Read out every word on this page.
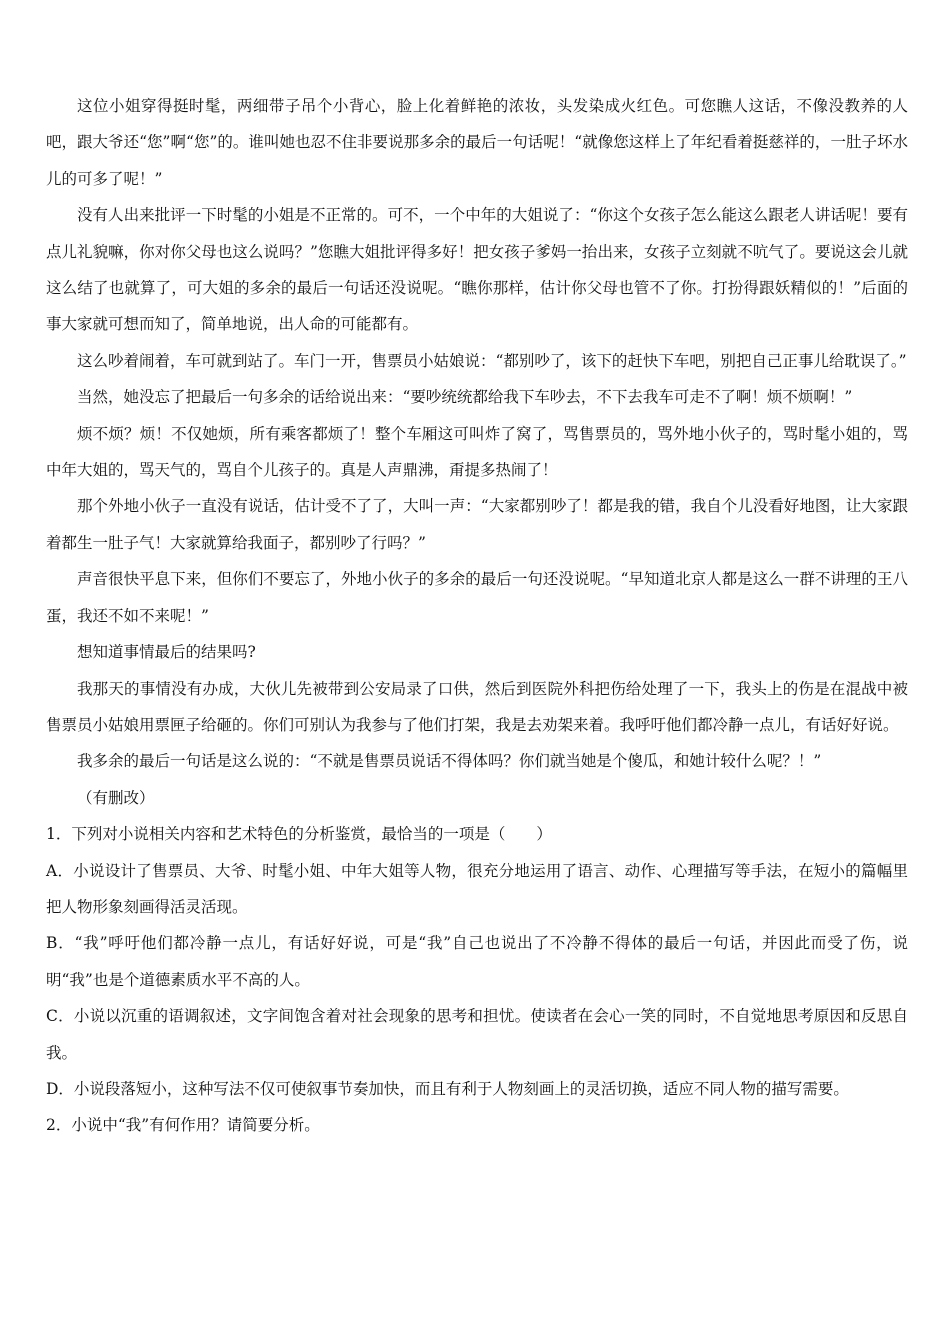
这位小姐穿得挺时髦，两细带子吊个小背心，脸上化着鲜艳的浓妆，头发染成火红色。可您瞧人这话，不像没教养的人吧，跟大爷还“您”啊“您”的。谁叫她也忍不住非要说那多余的最后一句话呢！“就像您这样上了年纪看着挺慈祥的，一肚子坏水儿的可多了呢！”

没有人出来批评一下时髦的小姐是不正常的。可不，一个中年的大姐说了：“你这个女孩子怎么能这么跟老人讲话呢！要有点儿礼貌嘛，你对你父母也这么说吗？”您瞧大姐批评得多好！把女孩子爹妈一抬出来，女孩子立刻就不吭气了。要说这会儿就这么结了也就算了，可大姐的多余的最后一句话还没说呢。“瞧你那样，估计你父母也管不了你。打扮得跟妖精似的！”后面的事大家就可想而知了，简单地说，出人命的可能都有。

这么吵着闹着，车可就到站了。车门一开，售票员小姑娘说：“都别吵了，该下的赶快下车吧，别把自己正事儿给耽误了。”

当然，她没忘了把最后一句多余的话给说出来：“要吵统统都给我下车吵去，不下去我车可走不了啊！烦不烦啊！”

烦不烦？烦！不仅她烦，所有乘客都烦了！整个车厢这可叫炸了窝了，骂售票员的，骂外地小伙子的，骂时髦小姐的，骂中年大姐的，骂天气的，骂自个儿孩子的。真是人声鼎沸，甭提多热闹了！

那个外地小伙子一直没有说话，估计受不了了，大叫一声：“大家都别吵了！都是我的错，我自个儿没看好地图，让大家跟着都生一肚子气！大家就算给我面子，都别吵了行吗？”

声音很快平息下来，但你们不要忘了，外地小伙子的多余的最后一句还没说呢。“早知道北京人都是这么一群不讲理的王八蛋，我还不如不来呢！”

想知道事情最后的结果吗?

我那天的事情没有办成，大伙儿先被带到公安局录了口供，然后到医院外科把伤给处理了一下，我头上的伤是在混战中被售票员小姑娘用票匣子给砸的。你们可别认为我参与了他们打架，我是去劝架来着。我呼吁他们都冷静一点儿，有话好好说。

我多余的最后一句话是这么说的：“不就是售票员说话不得体吗？你们就当她是个傻瓜，和她计较什么呢？！”

（有删改）

1．下列对小说相关内容和艺术特色的分析鉴赏，最恰当的一项是（　　）

A．小说设计了售票员、大爷、时髦小姐、中年大姐等人物，很充分地运用了语言、动作、心理描写等手法，在短小的篇幅里把人物形象刻画得活灵活现。

B．“我”呼吁他们都冷静一点儿，有话好好说，可是“我”自己也说出了不冷静不得体的最后一句话，并因此而受了伤，说明“我”也是个道德素质水平不高的人。

C．小说以沉重的语调叙述，文字间饱含着对社会现象的思考和担忧。使读者在会心一笑的同时，不自觉地思考原因和反思自我。

D．小说段落短小，这种写法不仅可使叙事节奏加快，而且有利于人物刻画上的灵活切换，适应不同人物的描写需要。

2．小说中“我”有何作用？请简要分析。
